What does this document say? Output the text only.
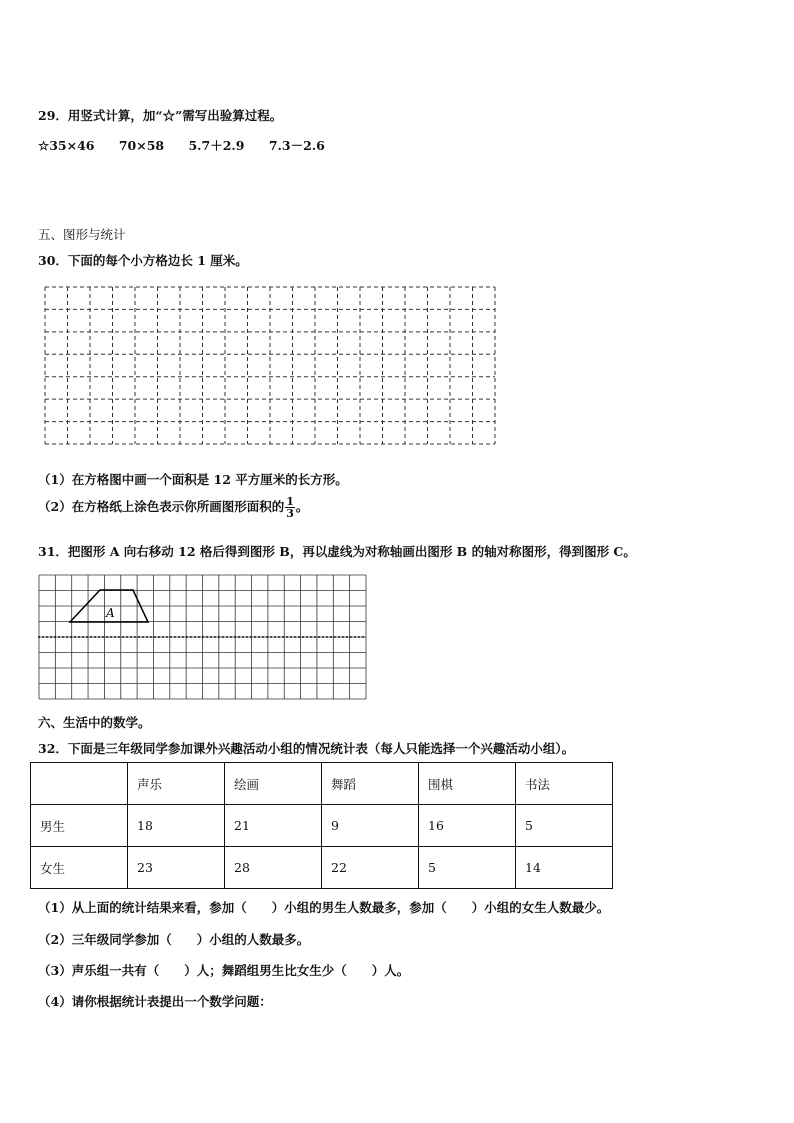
29．用竖式计算，加“☆”需写出验算过程。
☆35×46 70×58 5.7＋2.9 7.3－2.6
五、图形与统计
30．下面的每个小方格边长 1 厘米。
（1）在方格图中画一个面积是 12 平方厘米的长方形。
（2）在方格纸上涂色表示你所画图形面积的 $\frac{1}{3}$ 。
31．把图形 A 向右移动 12 格后得到图形 B，再以虚线为对称轴画出图形 B 的轴对称图形，得到图形 C。
A
六、生活中的数学。
32．下面是三年级同学参加课外兴趣活动小组的情况统计表（每人只能选择一个兴趣活动小组）。
	声乐	绘画	舞蹈	围棋	书法
男生	18	21	9	16	5
女生	23	28	22	5	14
（1）从上面的统计结果来看，参加（　　）小组的男生人数最多，参加（　　）小组的女生人数最少。
（2）三年级同学参加（　　）小组的人数最多。
（3）声乐组一共有（　　）人；舞蹈组男生比女生少（　　）人。
（4）请你根据统计表提出一个数学问题：
